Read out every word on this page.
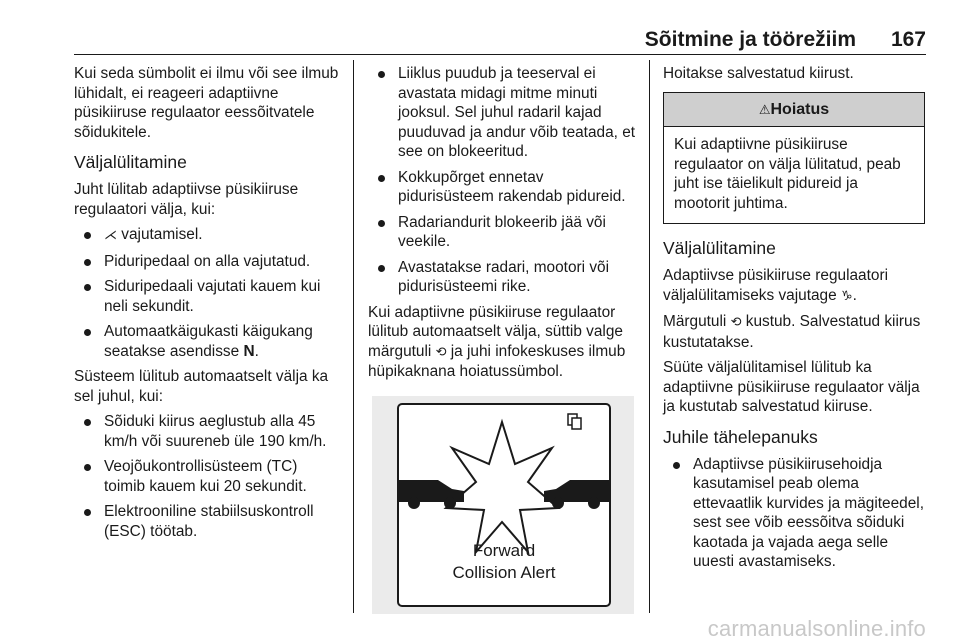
Sõitmine ja töörežiim 167

Kui seda sümbolit ei ilmu või see ilmub lühidalt, ei reageeri adaptiivne püsikiiruse regulaator eessõitvatele sõidukitele.

Väljalülitamine

Juht lülitab adaptiivse püsikiiruse regulaatori välja, kui:

⋌ vajutamisel.
Piduripedaal on alla vajutatud.
Siduripedaali vajutati kauem kui neli sekundit.
Automaatkäigukasti käigukang seatakse asendisse N.

Süsteem lülitub automaatselt välja ka sel juhul, kui:

Sõiduki kiirus aeglustub alla 45 km/h või suureneb üle 190 km/h.
Veojõukontrollisüsteem (TC) toimib kauem kui 20 sekundit.
Elektrooniline stabiilsuskontroll (ESC) töötab.
Liiklus puudub ja teeserval ei avastata midagi mitme minuti jooksul. Sel juhul radaril kajad puuduvad ja andur võib teatada, et see on blokeeritud.
Kokkupõrget ennetav pidurisüsteem rakendab pidureid.
Radariandurit blokeerib jää või veekile.
Avastatakse radari, mootori või pidurisüsteemi rike.

Kui adaptiivne püsikiiruse regulaator lülitub automaatselt välja, süttib valge märgutuli ⟲ ja juhi infokeskuses ilmub hüpikaknana hoiatussümbol.

Forward
Collision Alert

Hoitakse salvestatud kiirust.

⚠Hoiatus
Kui adaptiivne püsikiiruse regulaator on välja lülitatud, peab juht ise täielikult pidureid ja mootorit juhtima.
Väljalülitamine

Adaptiivse püsikiiruse regulaatori väljalülitamiseks vajutage ♑.

Märgutuli ⟲ kustub. Salvestatud kiirus kustutatakse.

Süüte väljalülitamisel lülitub ka adaptiivne püsikiiruse regulaator välja ja kustutab salvestatud kiiruse.

Juhile tähelepanuks
Adaptiivse püsikiirusehoidja kasutamisel peab olema ettevaatlik kurvides ja mägiteedel, sest see võib eessõitva sõiduki kaotada ja vajada aega selle uuesti avastamiseks.
carmanualsonline.info
